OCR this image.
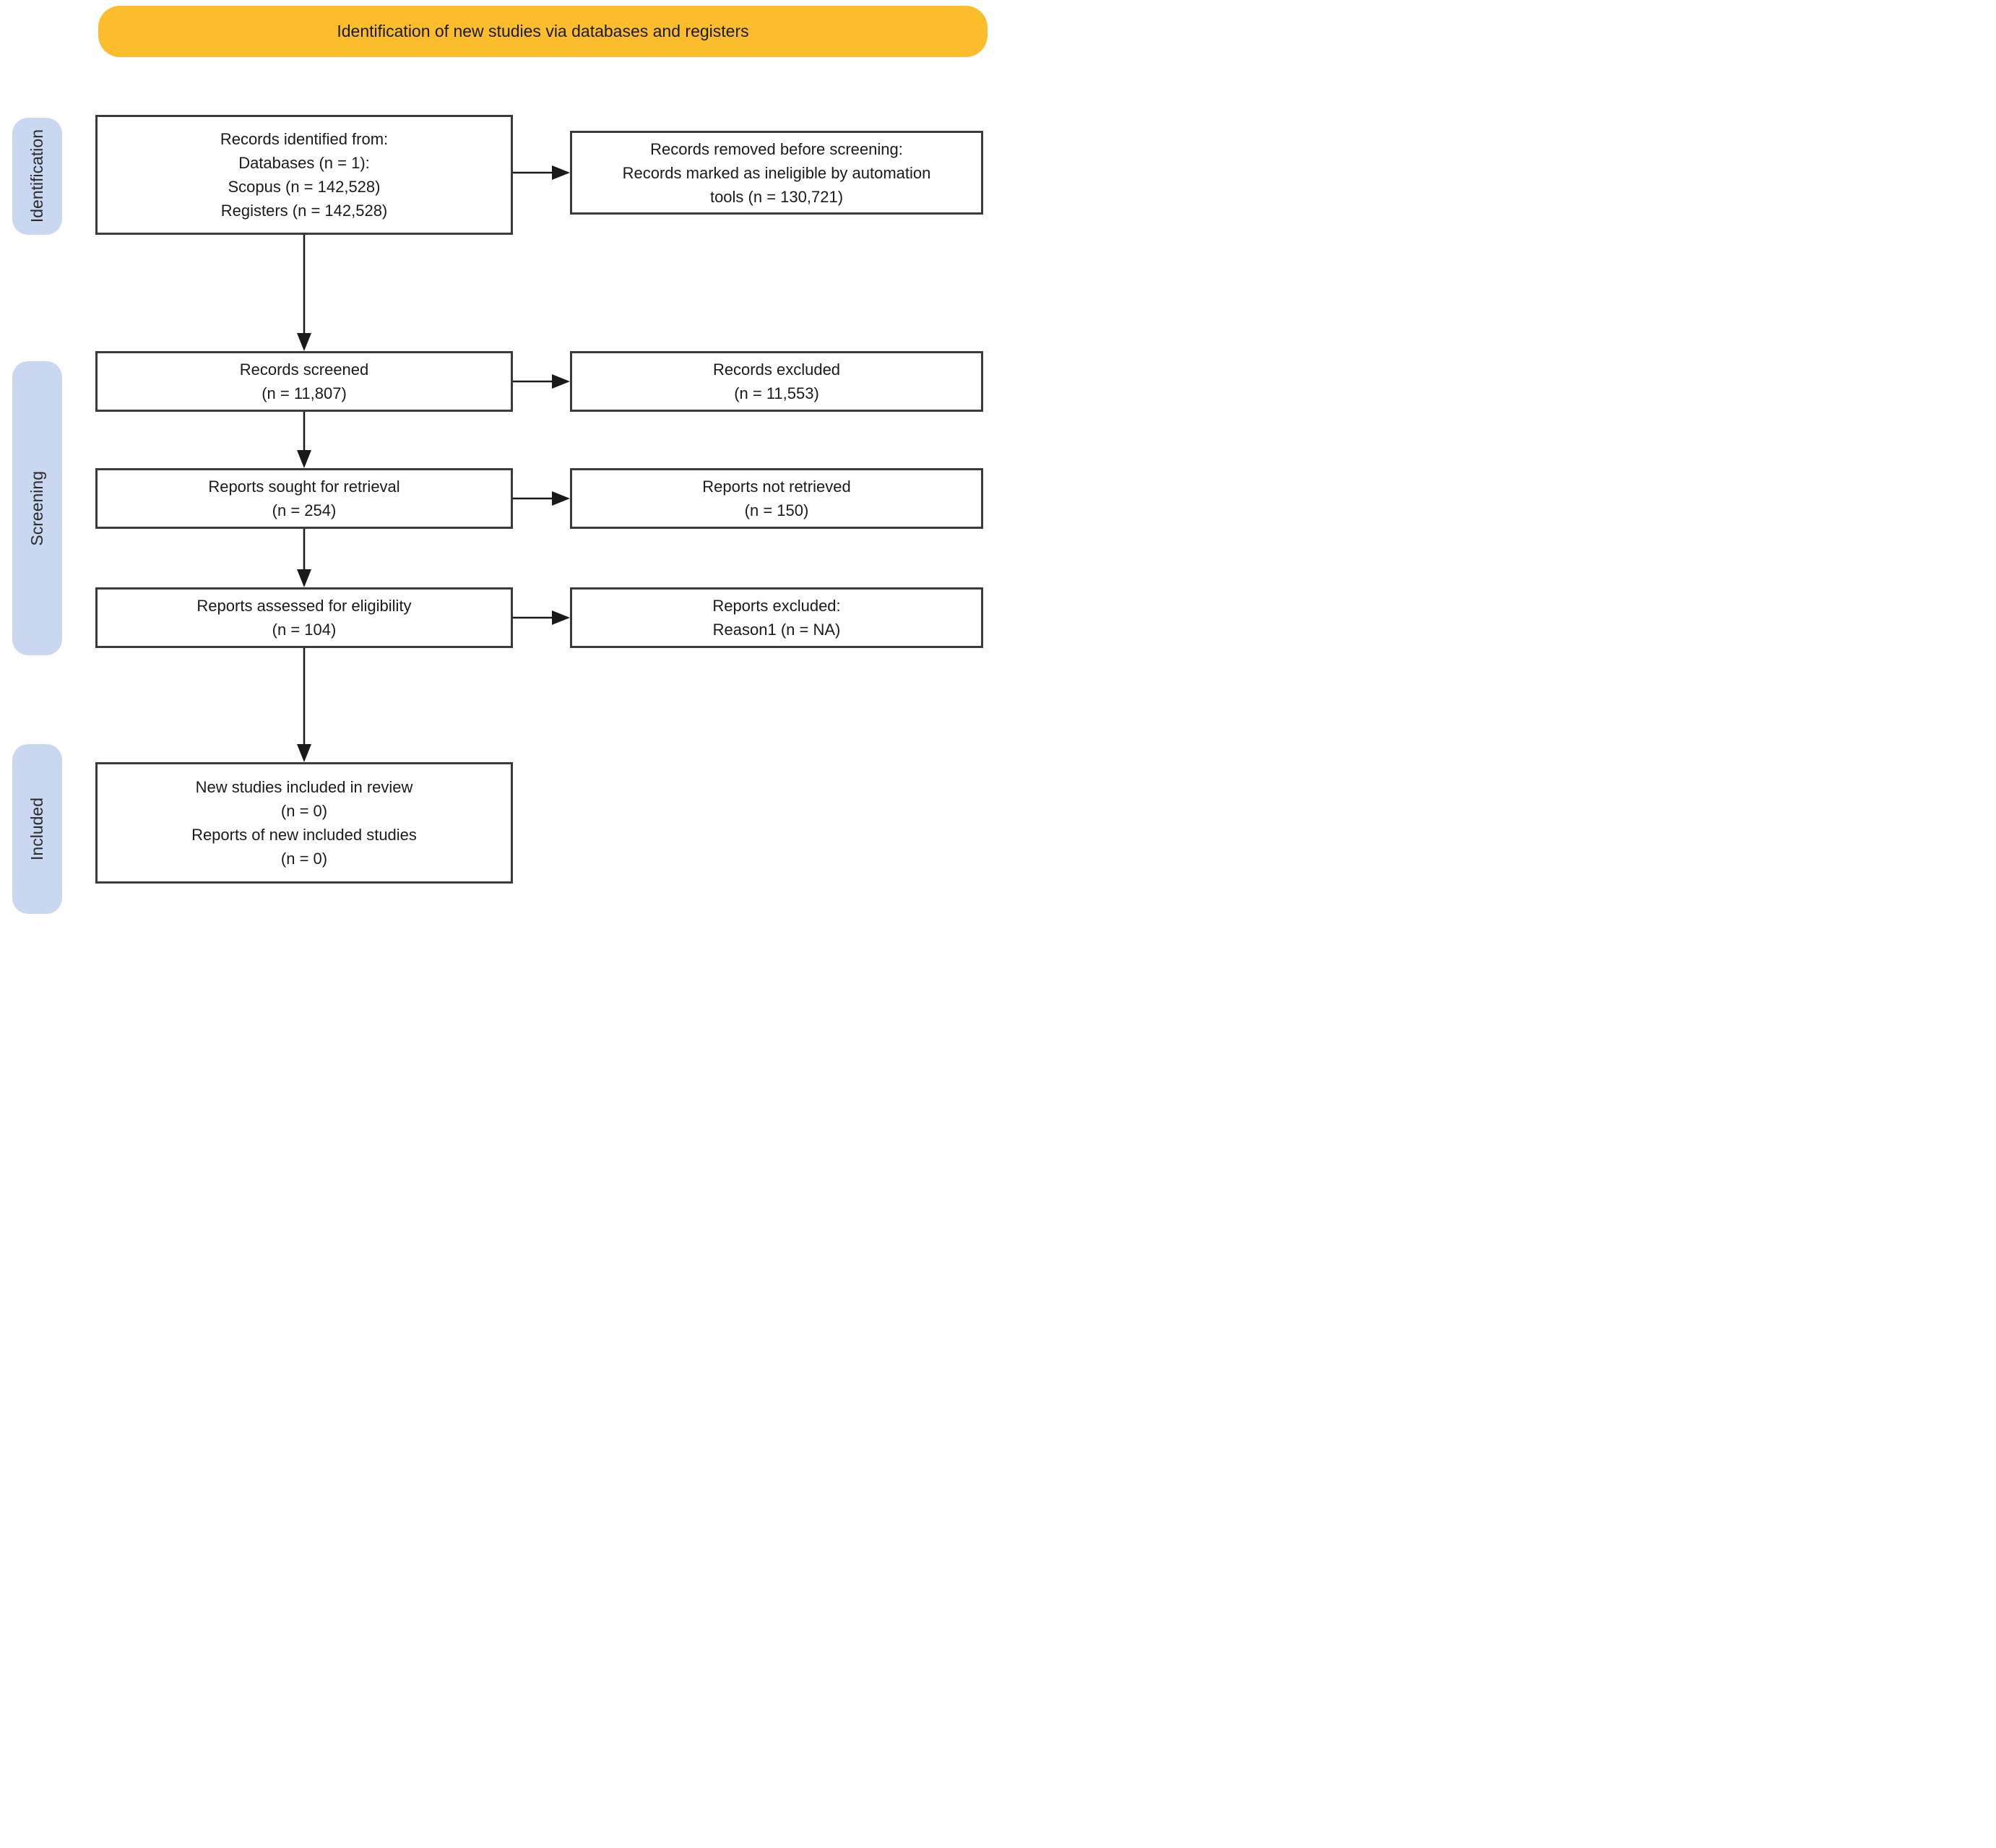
Identification of new studies via databases and registers
Identification
Screening
Included
Records identified from:
Databases (n = 1):
Scopus (n = 142,528)
Registers (n = 142,528)
Records screened
(n = 11,807)
Reports sought for retrieval
(n = 254)
Reports assessed for eligibility
(n = 104)
New studies included in review
(n = 0)
Reports of new included studies
(n = 0)
Records removed before screening:
Records marked as ineligible by automation
tools (n = 130,721)
Records excluded
(n = 11,553)
Reports not retrieved
(n = 150)
Reports excluded:
Reason1 (n = NA)
